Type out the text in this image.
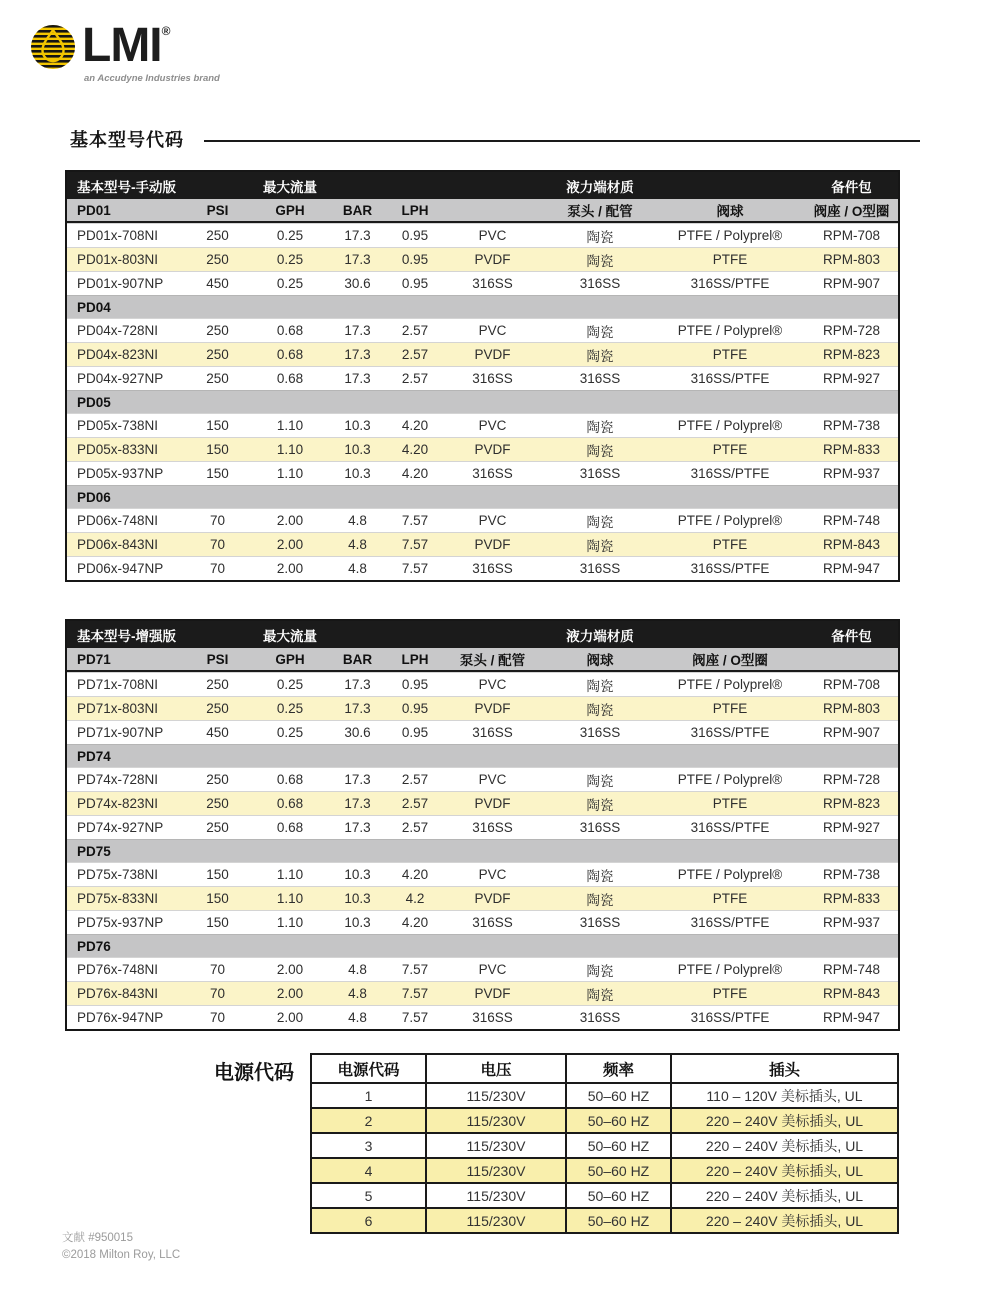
LMI®
an Accudyne Industries brand
基本型号代码
基本型号-手动版	最大流量	液力端材质	备件包
PD01	PSI	GPH	BAR	LPH	泵头 / 配管	阀球	阀座 / O型圈
PD01x-708NI	250	0.25	17.3	0.95	PVC	陶瓷	PTFE / Polyprel®	RPM-708
PD01x-803NI	250	0.25	17.3	0.95	PVDF	陶瓷	PTFE	RPM-803
PD01x-907NP	450	0.25	30.6	0.95	316SS	316SS	316SS/PTFE	RPM-907
PD04
PD04x-728NI	250	0.68	17.3	2.57	PVC	陶瓷	PTFE / Polyprel®	RPM-728
PD04x-823NI	250	0.68	17.3	2.57	PVDF	陶瓷	PTFE	RPM-823
PD04x-927NP	250	0.68	17.3	2.57	316SS	316SS	316SS/PTFE	RPM-927
PD05
PD05x-738NI	150	1.10	10.3	4.20	PVC	陶瓷	PTFE / Polyprel®	RPM-738
PD05x-833NI	150	1.10	10.3	4.20	PVDF	陶瓷	PTFE	RPM-833
PD05x-937NP	150	1.10	10.3	4.20	316SS	316SS	316SS/PTFE	RPM-937
PD06
PD06x-748NI	70	2.00	4.8	7.57	PVC	陶瓷	PTFE / Polyprel®	RPM-748
PD06x-843NI	70	2.00	4.8	7.57	PVDF	陶瓷	PTFE	RPM-843
PD06x-947NP	70	2.00	4.8	7.57	316SS	316SS	316SS/PTFE	RPM-947
基本型号-增强版	最大流量	液力端材质	备件包
PD71	PSI	GPH	BAR	LPH	泵头 / 配管	阀球	阀座 / O型圈
PD71x-708NI	250	0.25	17.3	0.95	PVC	陶瓷	PTFE / Polyprel®	RPM-708
PD71x-803NI	250	0.25	17.3	0.95	PVDF	陶瓷	PTFE	RPM-803
PD71x-907NP	450	0.25	30.6	0.95	316SS	316SS	316SS/PTFE	RPM-907
PD74
PD74x-728NI	250	0.68	17.3	2.57	PVC	陶瓷	PTFE / Polyprel®	RPM-728
PD74x-823NI	250	0.68	17.3	2.57	PVDF	陶瓷	PTFE	RPM-823
PD74x-927NP	250	0.68	17.3	2.57	316SS	316SS	316SS/PTFE	RPM-927
PD75
PD75x-738NI	150	1.10	10.3	4.20	PVC	陶瓷	PTFE / Polyprel®	RPM-738
PD75x-833NI	150	1.10	10.3	4.2	PVDF	陶瓷	PTFE	RPM-833
PD75x-937NP	150	1.10	10.3	4.20	316SS	316SS	316SS/PTFE	RPM-937
PD76
PD76x-748NI	70	2.00	4.8	7.57	PVC	陶瓷	PTFE / Polyprel®	RPM-748
PD76x-843NI	70	2.00	4.8	7.57	PVDF	陶瓷	PTFE	RPM-843
PD76x-947NP	70	2.00	4.8	7.57	316SS	316SS	316SS/PTFE	RPM-947
电源代码	电源代码	电压	频率	插头
1	115/230V	50–60 HZ	110 – 120V 美标插头, UL
2	115/230V	50–60 HZ	220 – 240V 美标插头, UL
3	115/230V	50–60 HZ	220 – 240V 美标插头, UL
4	115/230V	50–60 HZ	220 – 240V 美标插头, UL
5	115/230V	50–60 HZ	220 – 240V 美标插头, UL
6	115/230V	50–60 HZ	220 – 240V 美标插头, UL
文献 #950015
©2018 Milton Roy, LLC
